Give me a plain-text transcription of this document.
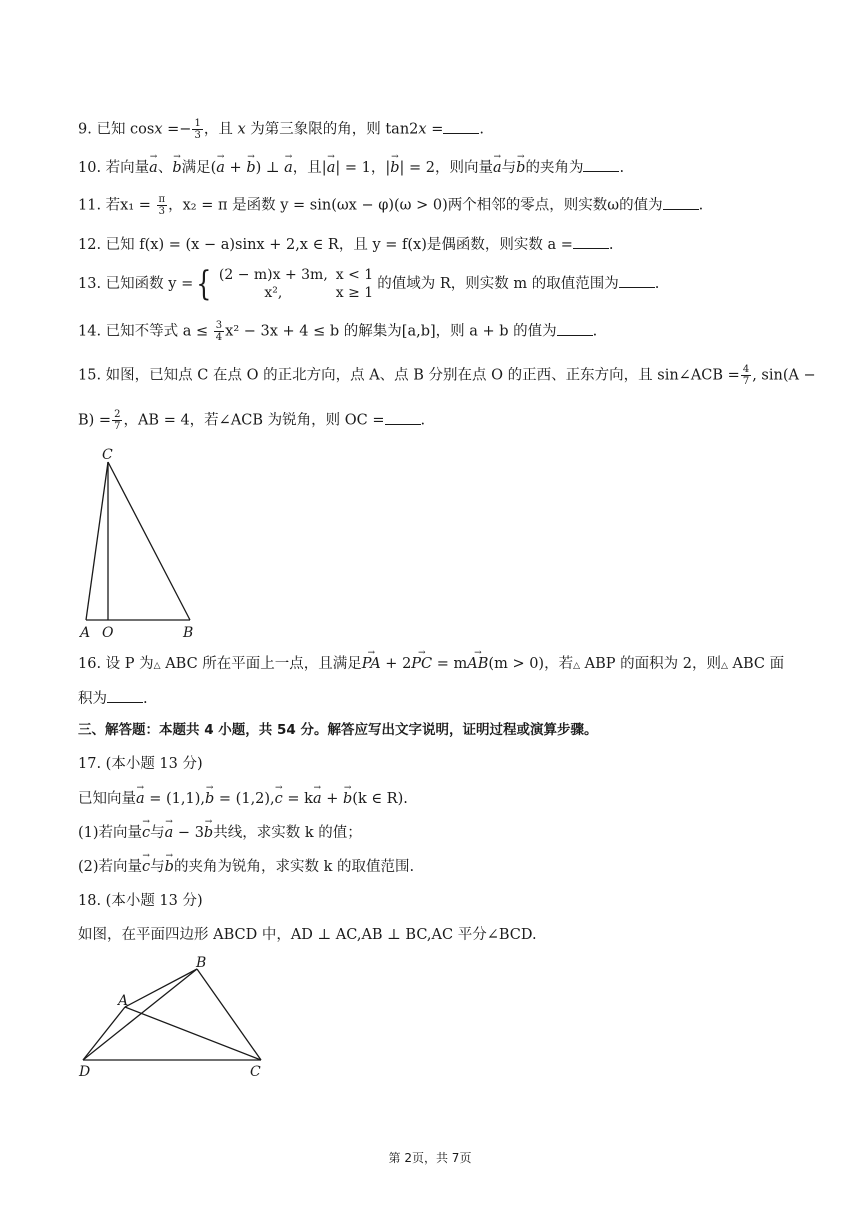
9. 已知 $\cos x =- \frac{1}{3}$ ，且 x 为第三象限的角，则 tan2x = .
10. 若向量→ a、→ b满足(→ a + → b) ⊥ → a，且|→ a| = 1，|→ b| = 2，则向量→ a与→ b的夹角为 .
11. 若$x_1 = \frac{\pi}{3}$ ，x₂ = π 是函数 y = sin(ωx − φ)(ω > 0)两个相邻的零点，则实数ω的值为 .
12. 已知 f(x) = (x − a)sinx + 2,x ∈ R，且 y = f(x)是偶函数，则实数 a = .
13. 已知函数 y ={ (2 − m)x + 3m,	x < 1
x²,	x ≥ 1的值域为 R，则实数 m 的取值范围为 .
14. 已知不等式 $a \le \frac{3}{4} x^2 - 3x + 4 \le b$ 的解集为[a,b]，则 a + b 的值为 .
15. 如图，已知点 C 在点 O 的正北方向，点 A、点 B 分别在点 O 的正西、正东方向，且 sin∠ACB = $\frac{4}{7}$ , sin(A −
$B) = \frac{2}{7}$ ，AB = 4，若∠ACB 为锐角，则 OC = .
C
A O	B
16. 设 P 为△ ABC 所在平面上一点，且满足→ PA + 2→ PC = m→ AB(m > 0)，若△ ABP 的面积为 2，则△ ABC 面
积为 .
三、解答题：本题共 4 小题，共 54 分。解答应写出文字说明，证明过程或演算步骤。
17. (本小题 13 分)
已知向量→ a = (1,1),→ b = (1,2),→ c = k→ a + → b(k ∈ R).
(1)若向量→ c与→ a − 3→ b共线，求实数 k 的值；
(2)若向量→ c与→ b的夹角为锐角，求实数 k 的取值范围.
18. (本小题 13 分)
如图，在平面四边形 ABCD 中，AD ⊥ AC,AB ⊥ BC,AC 平分∠BCD.
B
A
D	C
第 2页，共 7页
